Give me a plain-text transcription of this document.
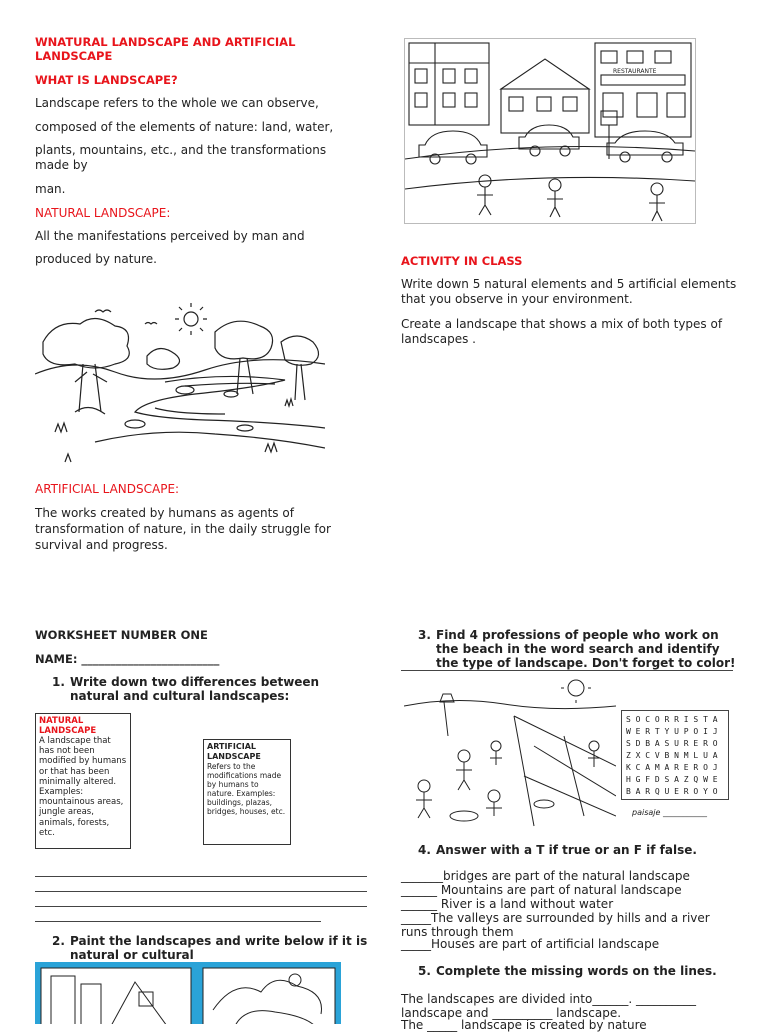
WNATURAL LANDSCAPE AND ARTIFICIAL LANDSCAPE
WHAT IS LANDSCAPE?
Landscape refers to the whole we can observe,
composed of the elements of nature: land, water,
plants, mountains, etc., and the transformations made by
man.
NATURAL LANDSCAPE:
All the manifestations perceived by man and
produced by nature.
ARTIFICIAL LANDSCAPE:
The works created by humans as agents of transformation of nature, in the daily struggle for survival and progress.
RESTAURANTE
ACTIVITY IN CLASS
Write down 5 natural elements and 5 artificial elements that you observe in your environment.
Create a landscape that shows a mix of both types of landscapes .
WORKSHEET NUMBER ONE
NAME: ________________________
1. Write down two differences between natural and cultural landscapes:
NATURAL LANDSCAPE
A landscape that has not been modified by humans or that has been minimally altered. Examples: mountainous areas, jungle areas, animals, forests, etc.
ARTIFICIAL LANDSCAPE
Refers to the modifications made by humans to nature. Examples: buildings, plazas, bridges, houses, etc.
2. Paint the landscapes and write below if it is natural or cultural
3. Find 4 professions of people who work on the beach in the word search and identify the type of landscape. Don't forget to color!
S O C O R R I S T A
W E R T Y U P O I J
S D B A S U R E R O
Z X C V B N M L U A
K C A M A R E R O J
H G F D S A Z Q W E
B A R Q U E R O Y O
paisaje ___________
4. Answer with a T if true or an F if false.
_______bridges are part of the natural landscape
______ Mountains are part of natural landscape
______ River is a land without water
_____The valleys are surrounded by hills and a river runs through them
_____Houses are part of artificial landscape
5. Complete the missing words on the lines.
The landscapes are divided into______. __________ landscape and __________ landscape.
The _____ landscape is created by nature
